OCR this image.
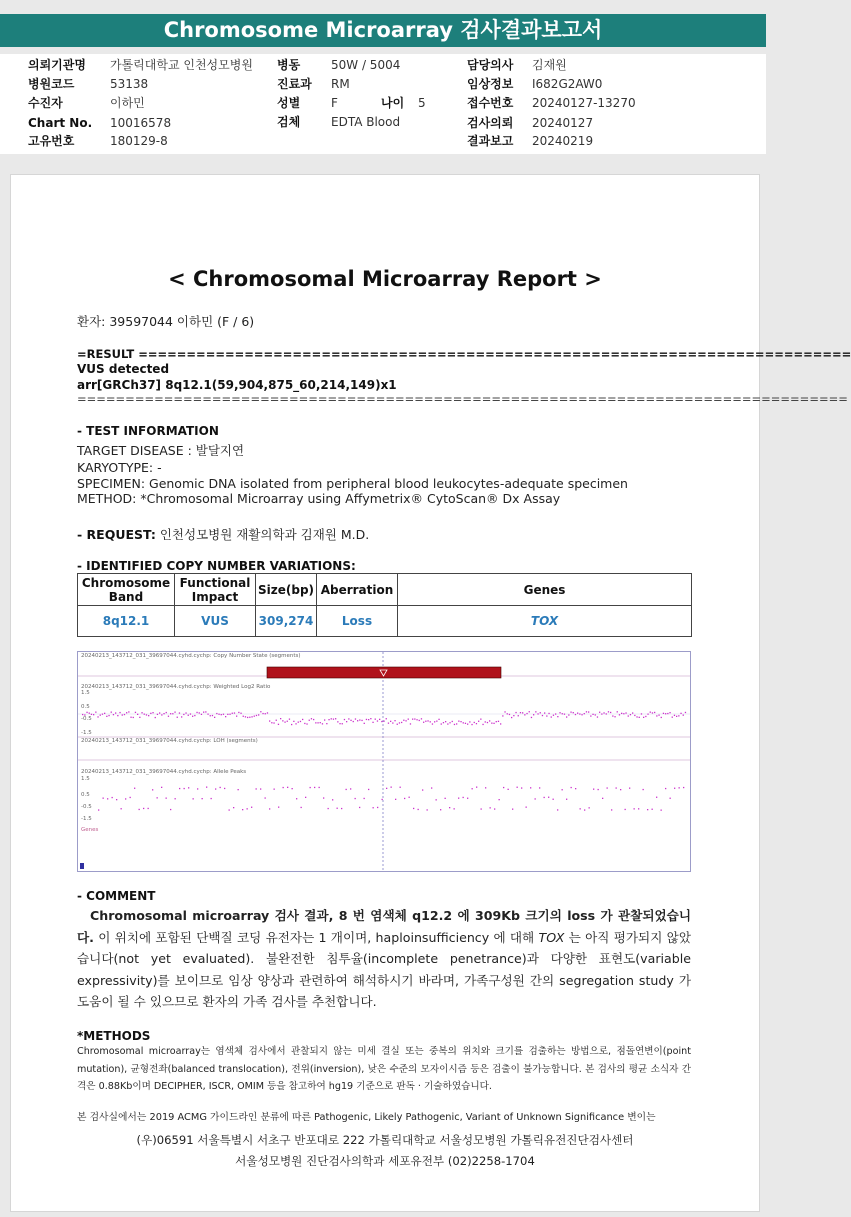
Chromosome Microarray 검사결과보고서
의뢰기관명 가톨릭대학교 인천성모병원
병원코드	53138
수진자	이하민
Chart No. 10016578
고유번호	180129-8
병동	50W / 5004
진료과 RM
성별	F	나이 5
검체	EDTA Blood
담당의사 김재원
임상정보 I682G2AW0
접수번호 20240127-13270
검사의뢰 20240127
결과보고 20240219
< Chromosomal Microarray Report >
환자: 39597044 이하민 (F / 6)
=RESULT ==========================================================================
VUS detected
arr[GRCh37] 8q12.1(59,904,875_60,214,149)x1
================================================================================
- TEST INFORMATION
TARGET DISEASE : 발달지연
KARYOTYPE: -
SPECIMEN: Genomic DNA isolated from peripheral blood leukocytes-adequate specimen
METHOD: *Chromosomal Microarray using Affymetrix® CytoScan® Dx Assay
- REQUEST: 인천성모병원 재활의학과 김재원 M.D.
- IDENTIFIED COPY NUMBER VARIATIONS:
Chromosome Band	Functional Impact	Size(bp)	Aberration	Genes
8q12.1	VUS	309,274	Loss	TOX
20240213_143712_031_39697044.cyhd.cychp: Copy Number State (segments)
20240213_143712_031_39697044.cyhd.cychp: Weighted Log2 Ratio
20240213_143712_031_39697044.cyhd.cychp: LOH (segments)
20240213_143712_031_39697044.cyhd.cychp: Allele Peaks
1.5
0.5
-0.5
-1.5
1.5
0.5
-0.5
-1.5
Genes
- COMMENT
Chromosomal microarray 검사 결과, 8 번 염색체 q12.2 에 309Kb 크기의 loss 가 관찰되었습니다. 이 위치에 포함된 단백질 코딩 유전자는 1 개이며, haploinsufficiency 에 대해 TOX 는 아직 평가되지 않았습니다(not yet evaluated). 불완전한 침투율(incomplete penetrance)과 다양한 표현도(variable expressivity)를 보이므로 임상 양상과 관련하여 해석하시기 바라며, 가족구성원 간의 segregation study 가 도움이 될 수 있으므로 환자의 가족 검사를 추천합니다.
*METHODS
Chromosomal microarray는 염색체 검사에서 관찰되지 않는 미세 결실 또는 중복의 위치와 크기를 검출하는 방법으로, 점돌연변이(point mutation), 균형전좌(balanced translocation), 전위(inversion), 낮은 수준의 모자이시즘 등은 검출이 불가능합니다. 본 검사의 평균 소식자 간격은 0.88Kb이며 DECIPHER, ISCR, OMIM 등을 참고하여 hg19 기준으로 판독 · 기술하였습니다.
본 검사실에서는 2019 ACMG 가이드라인 분류에 따른 Pathogenic, Likely Pathogenic, Variant of Unknown Significance 변이는
(우)06591 서울특별시 서초구 반포대로 222 가톨릭대학교 서울성모병원 가톨릭유전진단검사센터
서울성모병원 진단검사의학과 세포유전부 (02)2258-1704
